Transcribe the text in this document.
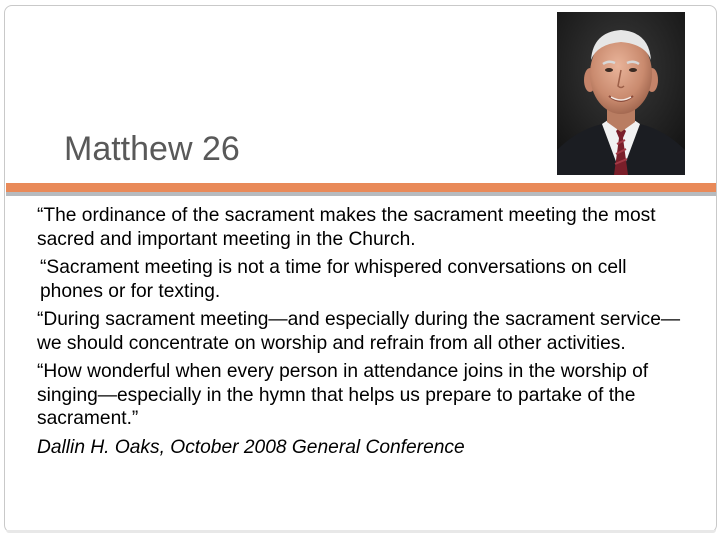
Matthew 26

“The ordinance of the sacrament makes the sacrament meeting the most sacred and important meeting in the Church.

“Sacrament meeting is not a time for whispered conversations on cell phones or for texting.

“During sacrament meeting—and especially during the sacrament service—we should concentrate on worship and refrain from all other activities.

“How wonderful when every person in attendance joins in the worship of singing—especially in the hymn that helps us prepare to partake of the sacrament.”

Dallin H. Oaks, October 2008 General Conference
